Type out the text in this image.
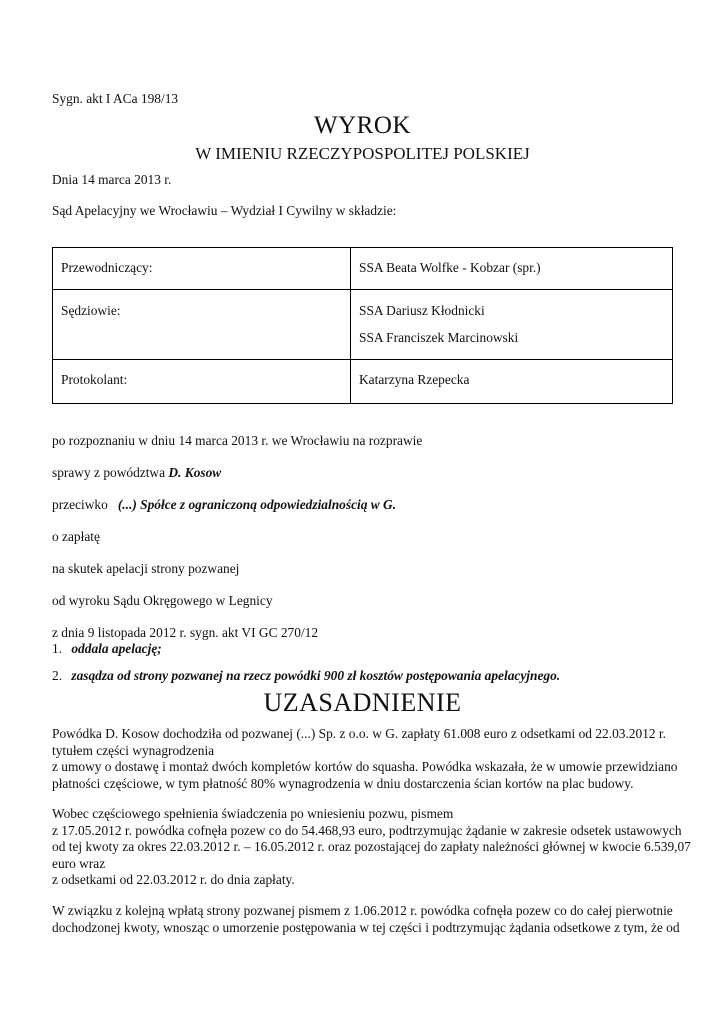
Sygn. akt I ACa 198/13
WYROK
W IMIENIU RZECZYPOSPOLITEJ POLSKIEJ
Dnia 14 marca 2013 r.
Sąd Apelacyjny we Wrocławiu – Wydział I Cywilny w składzie:
Przewodniczący:	SSA Beata Wolfke - Kobzar (spr.)
Sędziowie:	SSA Dariusz Kłodnicki
SSA Franciszek Marcinowski

Protokolant:	Katarzyna Rzepecka
po rozpoznaniu w dniu 14 marca 2013 r. we Wrocławiu na rozprawie
sprawy z powództwa D. Kosow
przeciwko   (...) Spółce z ograniczoną odpowiedzialnością w G.
o zapłatę
na skutek apelacji strony pozwanej
od wyroku Sądu Okręgowego w Legnicy
z dnia 9 listopada 2012 r. sygn. akt VI GC 270/12
1. oddala apelację;
2. zasądza od strony pozwanej na rzecz powódki 900 zł kosztów postępowania apelacyjnego.
UZASADNIENIE
Powódka D. Kosow dochodziła od pozwanej (...) Sp. z o.o. w G. zapłaty 61.008 euro z odsetkami od 22.03.2012 r.
tytułem części wynagrodzenia
z umowy o dostawę i montaż dwóch kompletów kortów do squasha. Powódka wskazała, że w umowie przewidziano
płatności częściowe, w tym płatność 80% wynagrodzenia w dniu dostarczenia ścian kortów na plac budowy.
Wobec częściowego spełnienia świadczenia po wniesieniu pozwu, pismem
z 17.05.2012 r. powódka cofnęła pozew co do 54.468,93 euro, podtrzymując żądanie w zakresie odsetek ustawowych
od tej kwoty za okres 22.03.2012 r. – 16.05.2012 r. oraz pozostającej do zapłaty należności głównej w kwocie 6.539,07
euro wraz
z odsetkami od 22.03.2012 r. do dnia zapłaty.
W związku z kolejną wpłatą strony pozwanej pismem z 1.06.2012 r. powódka cofnęła pozew co do całej pierwotnie
dochodzonej kwoty, wnosząc o umorzenie postępowania w tej części i podtrzymując żądania odsetkowe z tym, że od
